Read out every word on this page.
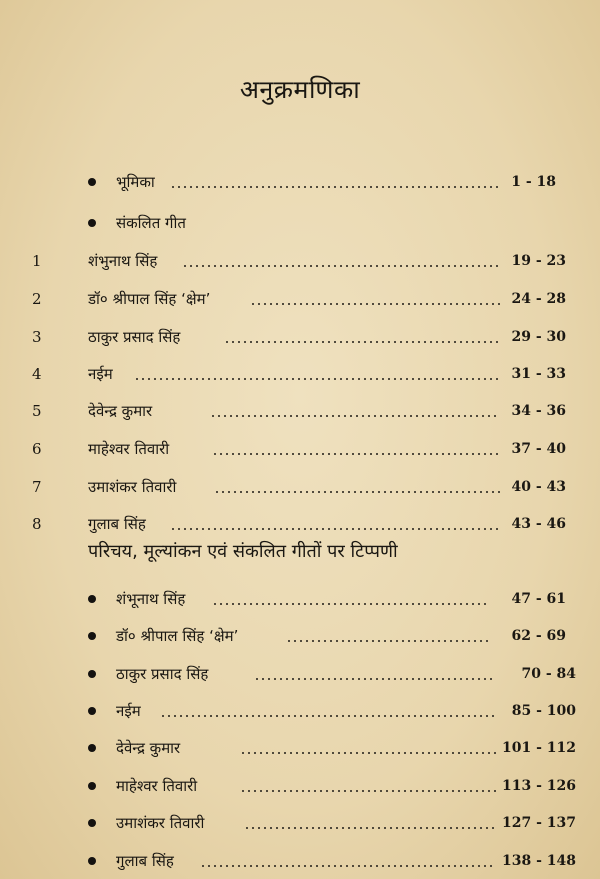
अनुक्रमणिका
भूमिका	1 - 18
संकलित गीत
1	शंभुनाथ सिंह	19 - 23
2	डॉ० श्रीपाल सिंह ‘क्षेम’	24 - 28
3	ठाकुर प्रसाद सिंह	29 - 30
4	नईम	31 - 33
5	देवेन्द्र कुमार	34 - 36
6	माहेश्वर तिवारी	37 - 40
7	उमाशंकर तिवारी	40 - 43
8	गुलाब सिंह	43 - 46
परिचय, मूल्यांकन एवं संकलित गीतों पर टिप्पणी
शंभूनाथ सिंह	47 - 61
डॉ० श्रीपाल सिंह ‘क्षेम’	62 - 69
ठाकुर प्रसाद सिंह	70 - 84
नईम	85 - 100
देवेन्द्र कुमार	101 - 112
माहेश्वर तिवारी	113 - 126
उमाशंकर तिवारी	127 - 137
गुलाब सिंह	138 - 148
